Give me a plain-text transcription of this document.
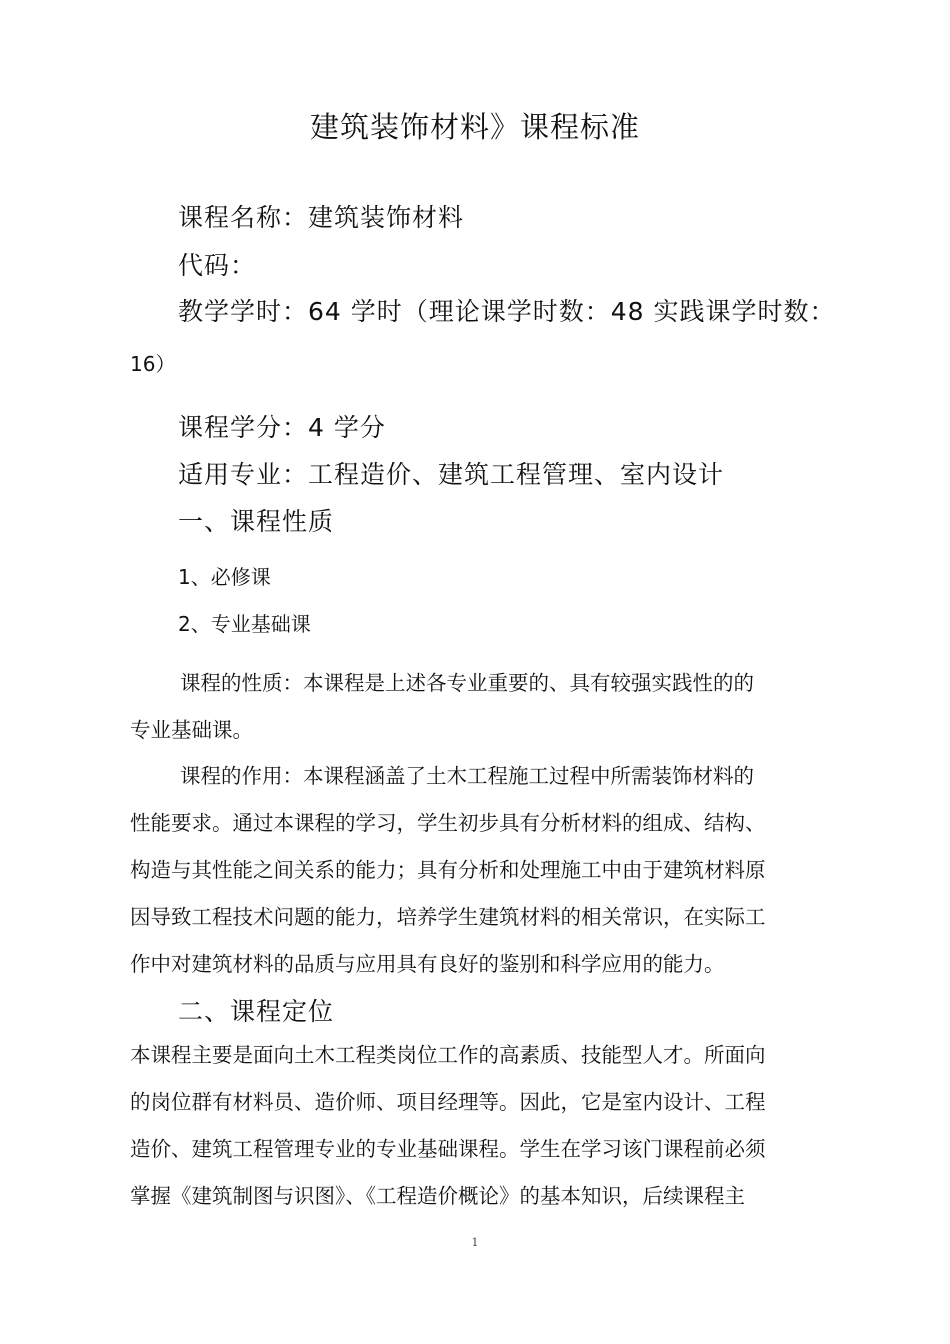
建筑装饰材料》课程标准
课程名称：建筑装饰材料
代码：
教学学时：64 学时（理论课学时数：48 实践课学时数：
16）
课程学分：4 学分
适用专业：工程造价、建筑工程管理、室内设计
一、课程性质
1、必修课
2、专业基础课
课程的性质：本课程是上述各专业重要的、具有较强实践性的的
专业基础课。
课程的作用：本课程涵盖了土木工程施工过程中所需装饰材料的
性能要求。通过本课程的学习，学生初步具有分析材料的组成、结构、
构造与其性能之间关系的能力；具有分析和处理施工中由于建筑材料原
因导致工程技术问题的能力，培养学生建筑材料的相关常识，在实际工
作中对建筑材料的品质与应用具有良好的鉴别和科学应用的能力。
二、课程定位
本课程主要是面向土木工程类岗位工作的高素质、技能型人才。所面向
的岗位群有材料员、造价师、项目经理等。因此，它是室内设计、工程
造价、建筑工程管理专业的专业基础课程。学生在学习该门课程前必须
掌握《建筑制图与识图》、《工程造价概论》的基本知识，后续课程主
1
